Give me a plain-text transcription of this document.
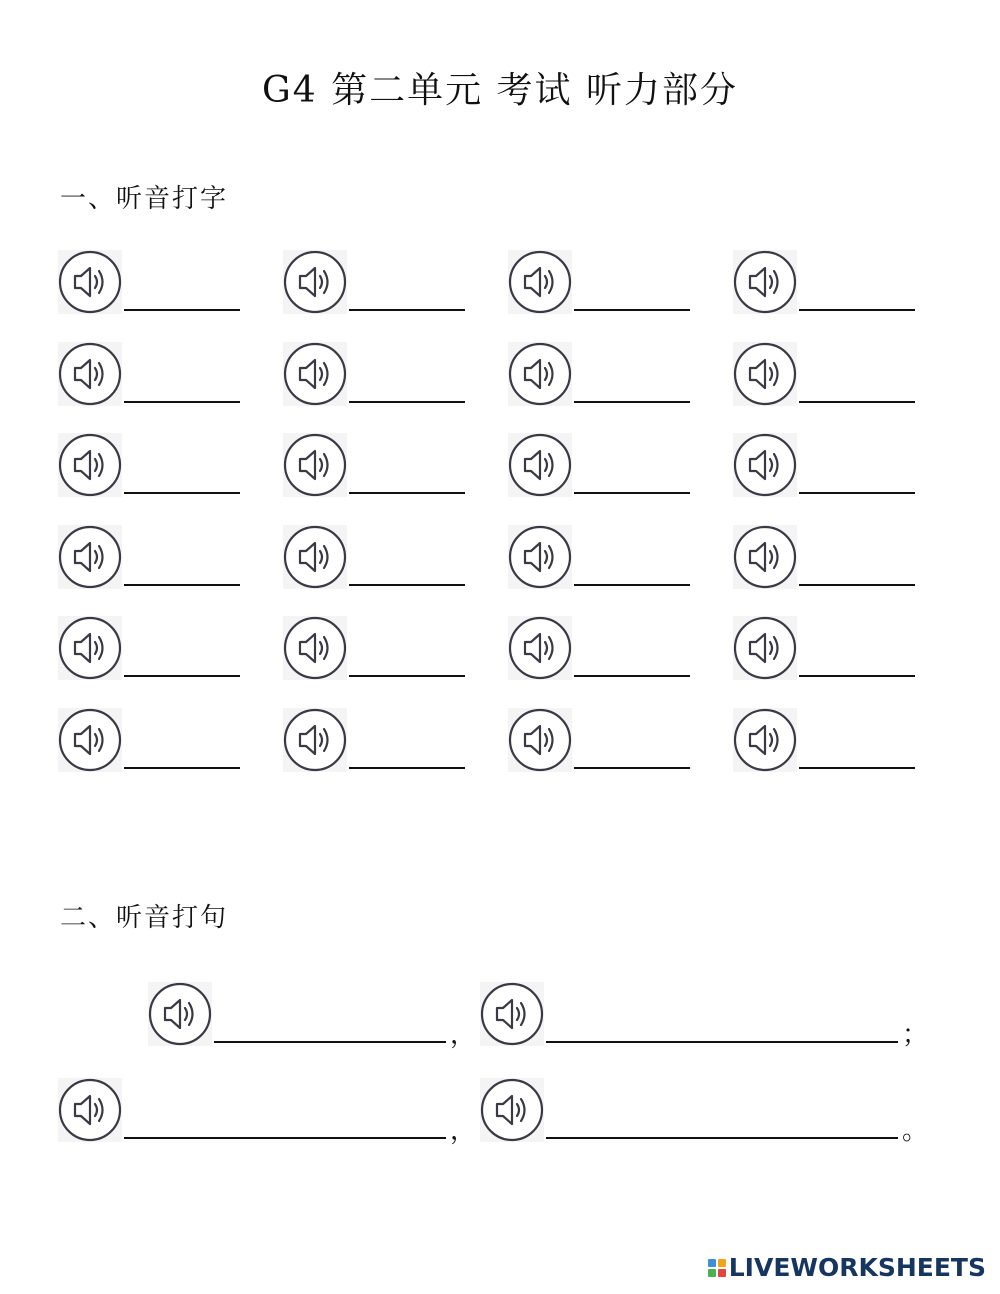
G4 第二单元 考试 听力部分
一、听音打字
二、听音打句
，	；
，	。
LIVEWORKSHEETS
